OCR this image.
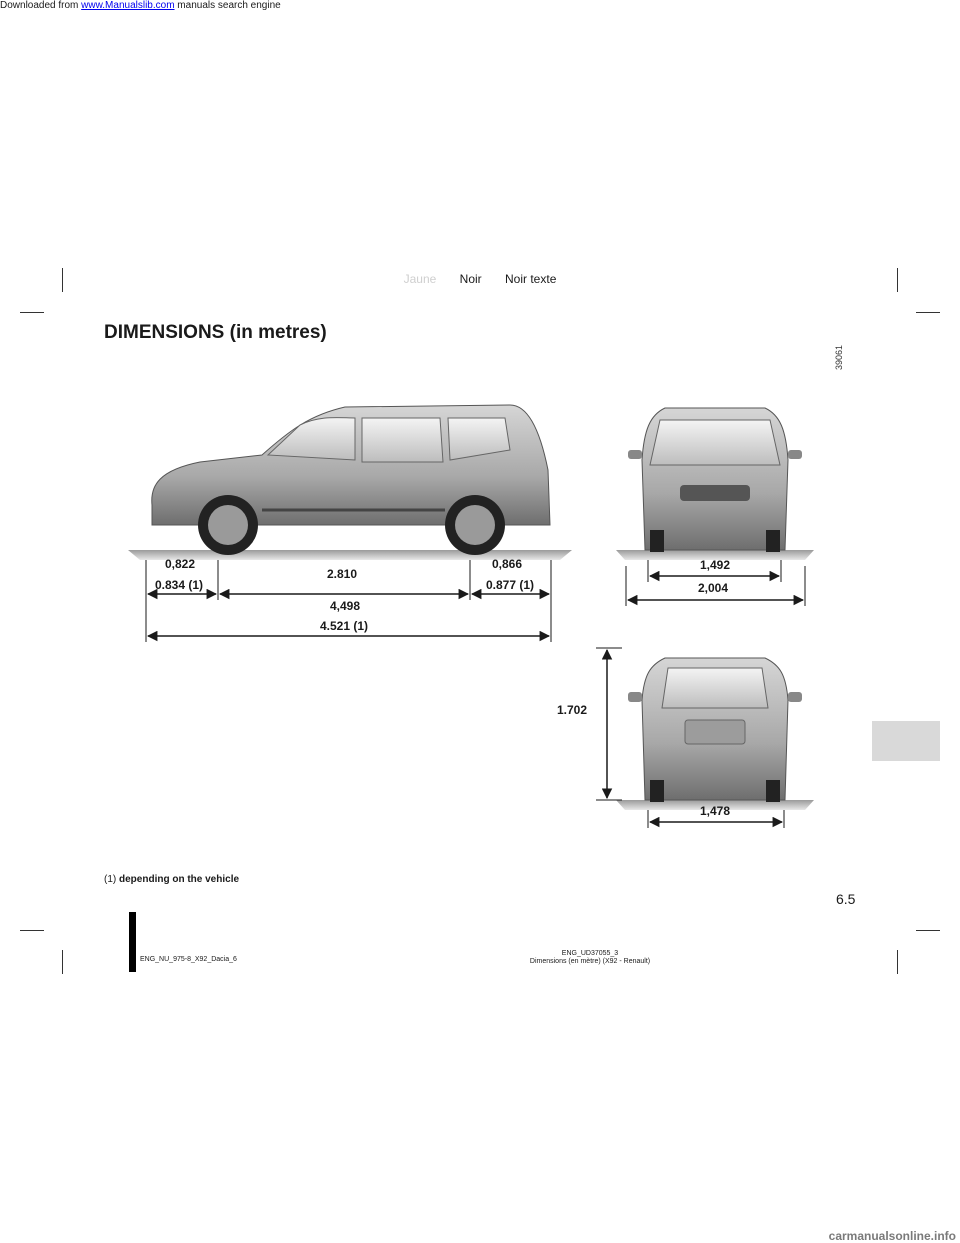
Downloaded from www.Manualslib.com manuals search engine
Jaune Noir Noir texte
DIMENSIONS (in metres)
39061
0,822
0.834 (1)
2.810
0,866
0.877 (1)
4,498
4.521 (1)
1,492
2,004
1.702
1,478
(1) depending on the vehicle
6.5
ENG_NU_975-8_X92_Dacia_6
ENG_UD37055_3
Dimensions (en mètre) (X92 - Renault)
carmanualsonline.info
